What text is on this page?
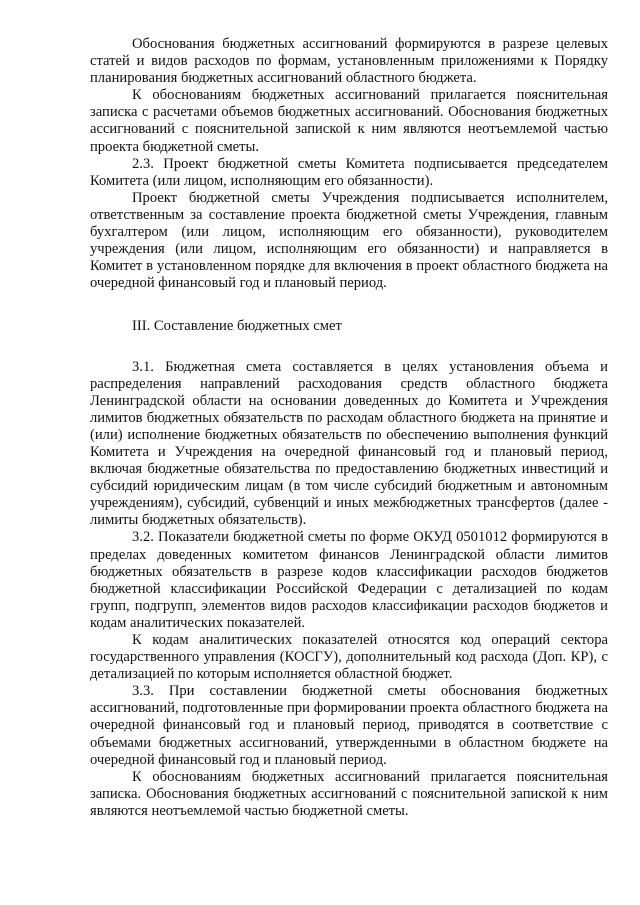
Обоснования бюджетных ассигнований формируются в разрезе целевых статей и видов расходов по формам, установленным приложениями к Порядку планирования бюджетных ассигнований областного бюджета.

К обоснованиям бюджетных ассигнований прилагается пояснительная записка с расчетами объемов бюджетных ассигнований. Обоснования бюджетных ассигнований с пояснительной запиской к ним являются неотъемлемой частью проекта бюджетной сметы.

2.3. Проект бюджетной сметы Комитета подписывается председателем Комитета (или лицом, исполняющим его обязанности).

Проект бюджетной сметы Учреждения подписывается исполнителем, ответственным за составление проекта бюджетной сметы Учреждения, главным бухгалтером (или лицом, исполняющим его обязанности), руководителем учреждения (или лицом, исполняющим его обязанности) и направляется в Комитет в установленном порядке для включения в проект областного бюджета на очередной финансовый год и плановый период.

III. Составление бюджетных смет

3.1. Бюджетная смета составляется в целях установления объема и распределения направлений расходования средств областного бюджета Ленинградской области на основании доведенных до Комитета и Учреждения лимитов бюджетных обязательств по расходам областного бюджета на принятие и (или) исполнение бюджетных обязательств по обеспечению выполнения функций Комитета и Учреждения на очередной финансовый год и плановый период, включая бюджетные обязательства по предоставлению бюджетных инвестиций и субсидий юридическим лицам (в том числе субсидий бюджетным и автономным учреждениям), субсидий, субвенций и иных межбюджетных трансфертов (далее - лимиты бюджетных обязательств).

3.2. Показатели бюджетной сметы по форме ОКУД 0501012 формируются в пределах доведенных комитетом финансов Ленинградской области лимитов бюджетных обязательств в разрезе кодов классификации расходов бюджетов бюджетной классификации Российской Федерации с детализацией по кодам групп, подгрупп, элементов видов расходов классификации расходов бюджетов и кодам аналитических показателей.

К кодам аналитических показателей относятся код операций сектора государственного управления (КОСГУ), дополнительный код расхода (Доп. КР), с детализацией по которым исполняется областной бюджет.

3.3. При составлении бюджетной сметы обоснования бюджетных ассигнований, подготовленные при формировании проекта областного бюджета на очередной финансовый год и плановый период, приводятся в соответствие с объемами бюджетных ассигнований, утвержденными в областном бюджете на очередной финансовый год и плановый период.

К обоснованиям бюджетных ассигнований прилагается пояснительная записка. Обоснования бюджетных ассигнований с пояснительной запиской к ним являются неотъемлемой частью бюджетной сметы.
